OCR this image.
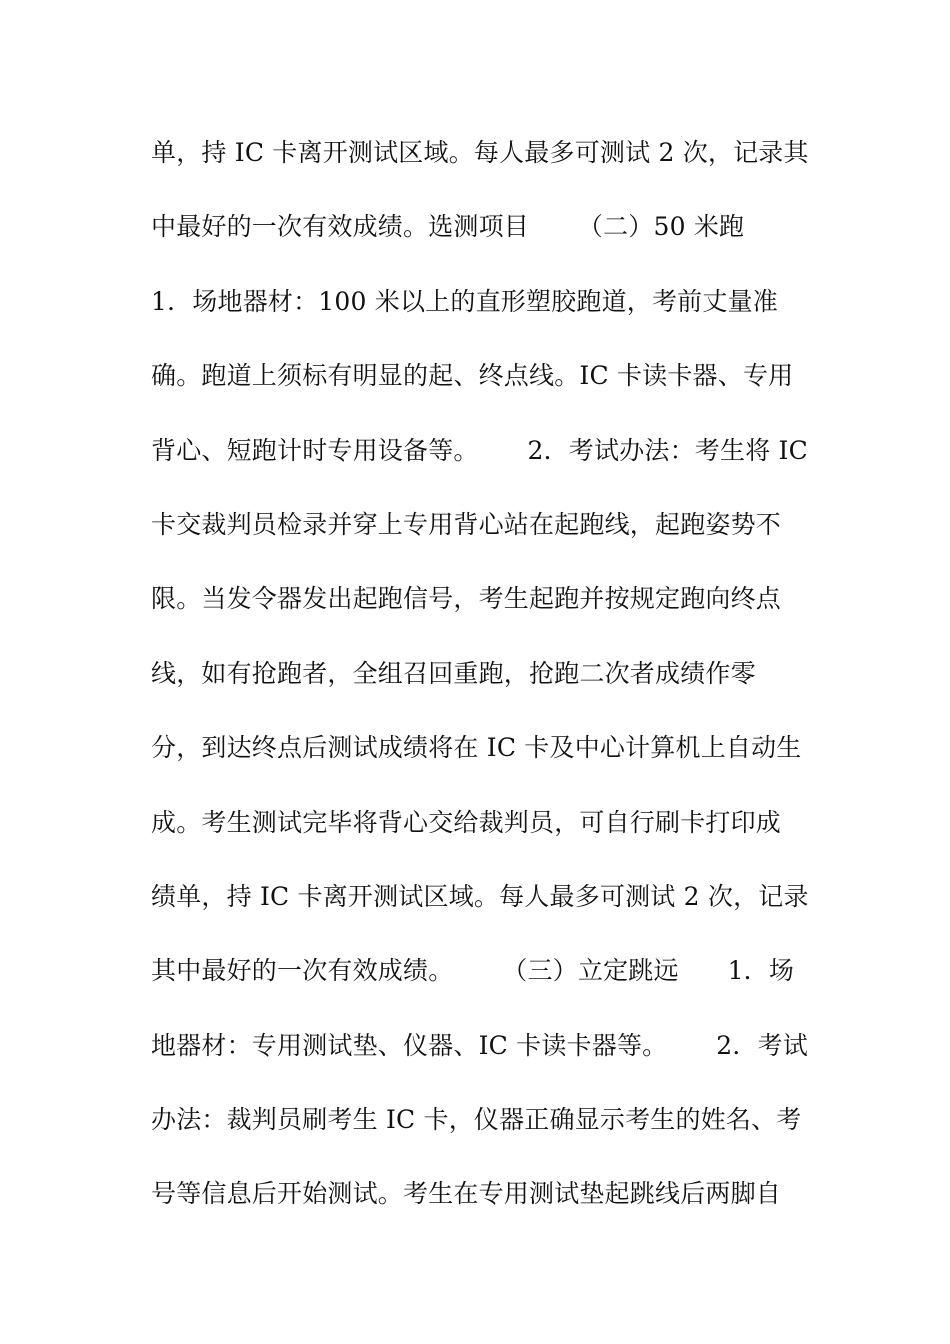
单，持 IC 卡离开测试区域。每人最多可测试 2 次，记录其
中最好的一次有效成绩。选测项目      （二）50 米跑
1．场地器材：100 米以上的直形塑胶跑道，考前丈量准
确。跑道上须标有明显的起、终点线。IC 卡读卡器、专用
背心、短跑计时专用设备等。      2．考试办法：考生将 IC
卡交裁判员检录并穿上专用背心站在起跑线，起跑姿势不
限。当发令器发出起跑信号，考生起跑并按规定跑向终点
线，如有抢跑者，全组召回重跑，抢跑二次者成绩作零
分，到达终点后测试成绩将在 IC 卡及中心计算机上自动生
成。考生测试完毕将背心交给裁判员，可自行刷卡打印成
绩单，持 IC 卡离开测试区域。每人最多可测试 2 次，记录
其中最好的一次有效成绩。      （三）立定跳远      1．场
地器材：专用测试垫、仪器、IC 卡读卡器等。      2．考试
办法：裁判员刷考生 IC 卡，仪器正确显示考生的姓名、考
号等信息后开始测试。考生在专用测试垫起跳线后两脚自
